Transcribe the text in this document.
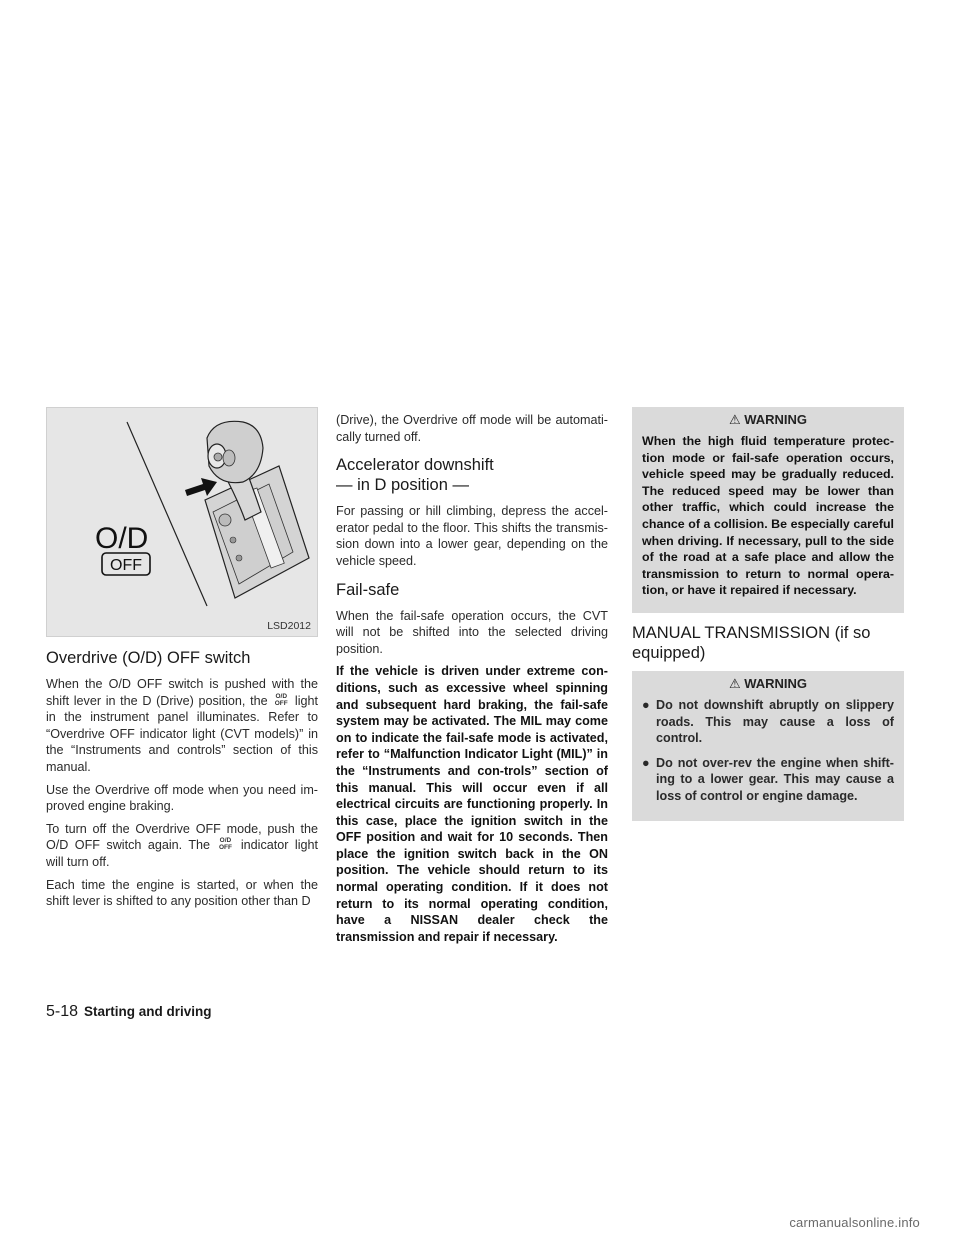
O/D
OFF
LSD2012
Overdrive (O/D) OFF switch

When the O/D OFF switch is pushed with the shift lever in the D (Drive) position, the	O/D
OFF light in the instrument panel illuminates. Refer to “Overdrive OFF indicator light (CVT models)” in the “Instruments and controls” section of this manual.

Use the Overdrive off mode when you need im-proved engine braking.

To turn off the Overdrive OFF mode, push the O/D OFF switch again. The	O/D
OFF indicator light will turn off.

Each time the engine is started, or when the shift lever is shifted to any position other than D

(Drive), the Overdrive off mode will be automati-cally turned off.

Accelerator downshift
— in D position —

For passing or hill climbing, depress the accel-erator pedal to the floor. This shifts the transmis-sion down into a lower gear, depending on the vehicle speed.

Fail-safe

When the fail-safe operation occurs, the CVT will not be shifted into the selected driving position.

If the vehicle is driven under extreme con-ditions, such as excessive wheel spinning and subsequent hard braking, the fail-safe system may be activated. The MIL may come on to indicate the fail-safe mode is activated, refer to “Malfunction Indicator Light (MIL)” in the “Instruments and con-trols” section of this manual. This will occur even if all electrical circuits are functioning properly. In this case, place the ignition switch in the OFF position and wait for 10 seconds. Then place the ignition switch back in the ON position. The vehicle should return to its normal operating condition. If it does not return to its normal operating condition, have a NISSAN dealer check the transmission and repair if necessary.

⚠ WARNING

When the high fluid temperature protec-tion mode or fail-safe operation occurs, vehicle speed may be gradually reduced. The reduced speed may be lower than other traffic, which could increase the chance of a collision. Be especially careful when driving. If necessary, pull to the side of the road at a safe place and allow the transmission to return to normal opera-tion, or have it repaired if necessary.

MANUAL TRANSMISSION (if so equipped)
⚠ WARNING
● Do not downshift abruptly on slippery roads. This may cause a loss of control.
● Do not over-rev the engine when shift-ing to a lower gear. This may cause a loss of control or engine damage.
5-18 Starting and driving
carmanualsonline.info
